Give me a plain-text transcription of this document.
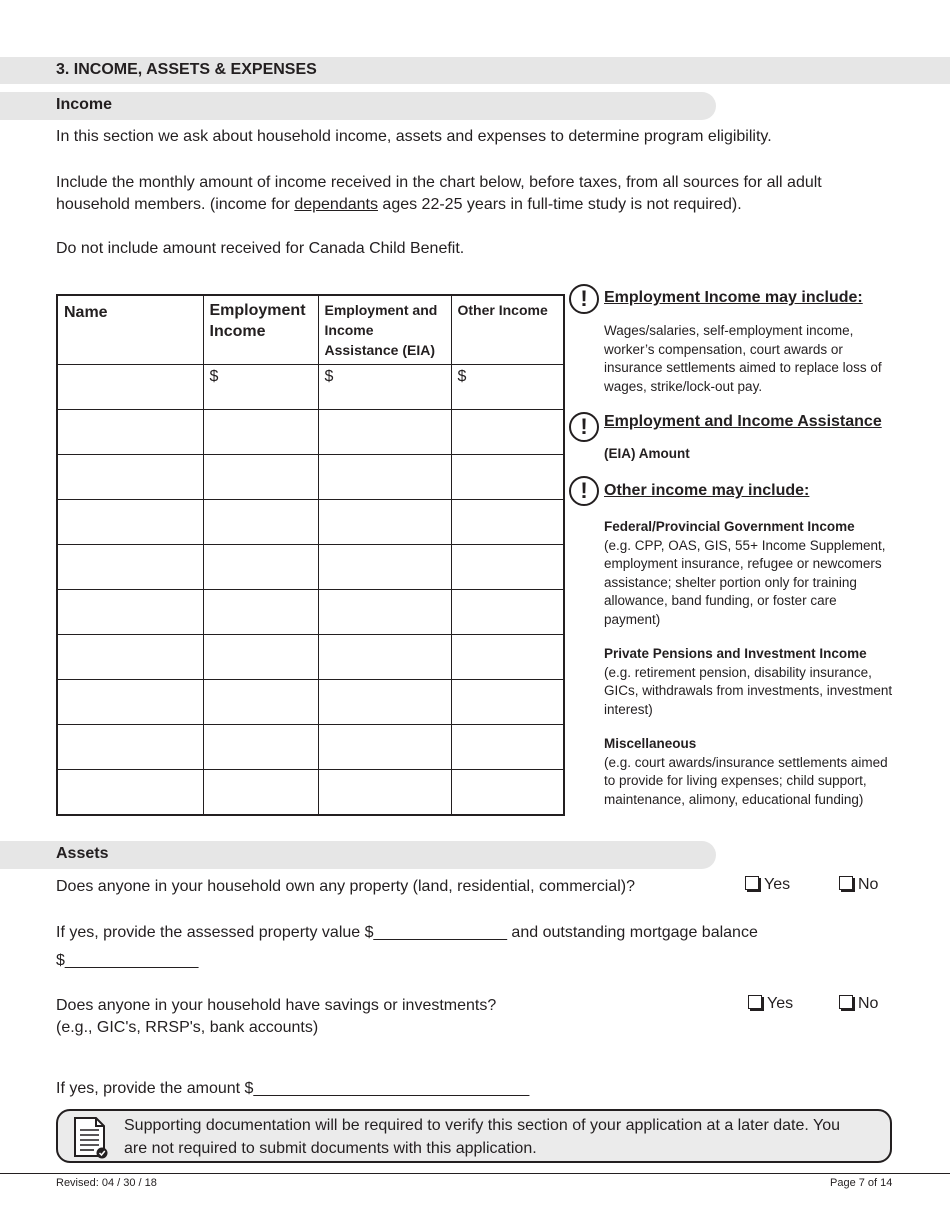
3. INCOME, ASSETS & EXPENSES
Income
In this section we ask about household income, assets and expenses to determine program eligibility.
Include the monthly amount of income received in the chart below, before taxes, from all sources for all adult household members. (income for dependants ages 22-25 years in full-time study is not required).
Do not include amount received for Canada Child Benefit.
Name	Employment Income	Employment and Income Assistance (EIA)	Other Income

	$	$	$

!	Employment Income may include:
Wages/salaries, self-employment income, worker’s compensation, court awards or insurance settlements aimed to replace loss of wages, strike/lock-out pay.
!	Employment and Income Assistance
(EIA) Amount
!	Other income may include:
Federal/Provincial Government Income
(e.g. CPP, OAS, GIS, 55+ Income Supplement, employment insurance, refugee or newcomers assistance; shelter portion only for training allowance, band funding, or foster care payment)
Private Pensions and Investment Income
(e.g. retirement pension, disability insurance, GICs, withdrawals from investments, investment interest)
Miscellaneous
(e.g. court awards/insurance settlements aimed to provide for living expenses; child support, maintenance, alimony, educational funding)
Assets
Does anyone in your household own any property (land, residential, commercial)?	Yes	No
If yes, provide the assessed property value $_______________ and outstanding mortgage balance
$_______________
Does anyone in your household have savings or investments?
(e.g., GIC's, RRSP's, bank accounts)
Yes	No
If yes, provide the amount $_______________________________
Supporting documentation will be required to verify this section of your application at a later date. You are not required to submit documents with this application.
Revised: 04 / 30 / 18	Page 7 of 14
